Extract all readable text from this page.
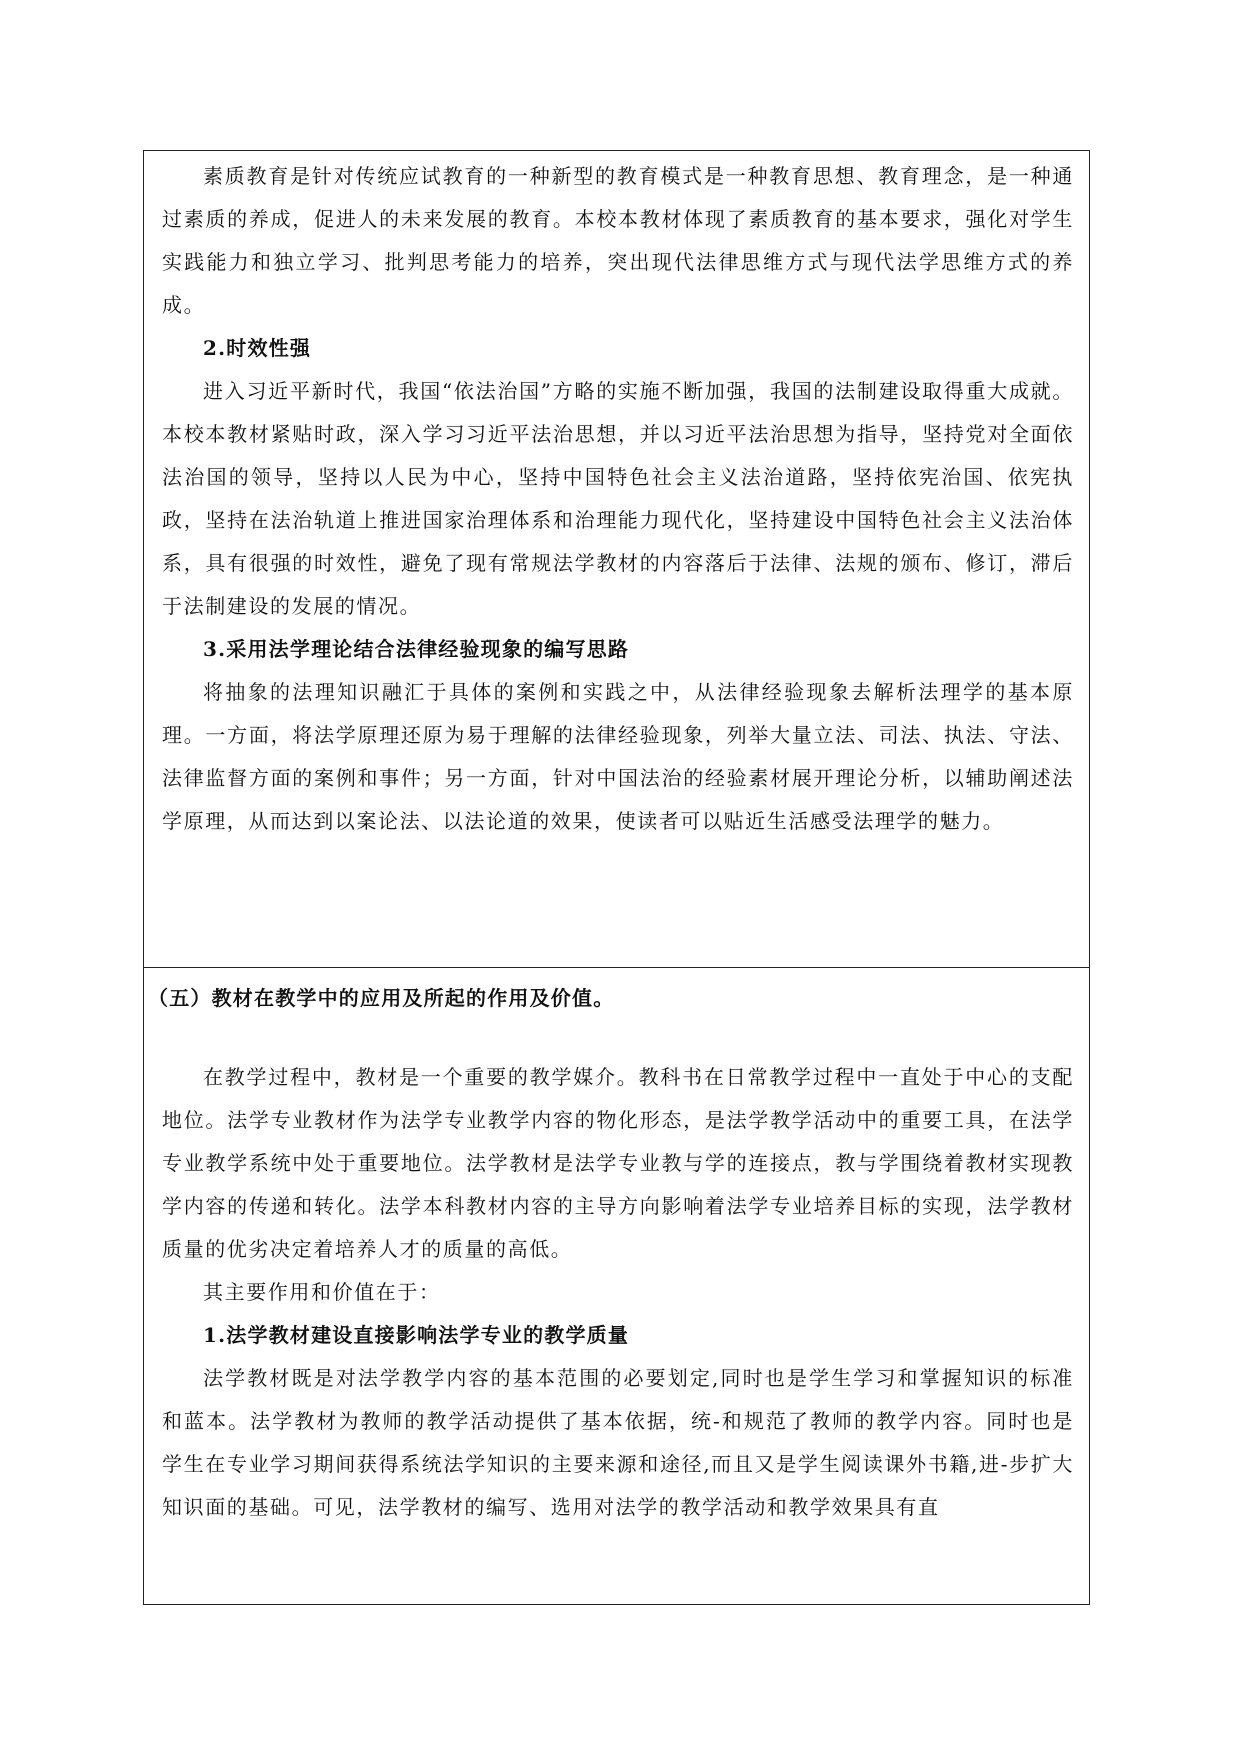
素质教育是针对传统应试教育的一种新型的教育模式是一种教育思想、教育理念，是一种通过素质的养成，促进人的未来发展的教育。本校本教材体现了素质教育的基本要求，强化对学生实践能力和独立学习、批判思考能力的培养，突出现代法律思维方式与现代法学思维方式的养成。

2.时效性强

进入习近平新时代，我国“依法治国”方略的实施不断加强，我国的法制建设取得重大成就。本校本教材紧贴时政，深入学习习近平法治思想，并以习近平法治思想为指导，坚持党对全面依法治国的领导，坚持以人民为中心，坚持中国特色社会主义法治道路，坚持依宪治国、依宪执政，坚持在法治轨道上推进国家治理体系和治理能力现代化，坚持建设中国特色社会主义法治体系，具有很强的时效性，避免了现有常规法学教材的内容落后于法律、法规的颁布、修订，滞后于法制建设的发展的情况。

3.采用法学理论结合法律经验现象的编写思路

将抽象的法理知识融汇于具体的案例和实践之中，从法律经验现象去解析法理学的基本原理。一方面，将法学原理还原为易于理解的法律经验现象，列举大量立法、司法、执法、守法、法律监督方面的案例和事件；另一方面，针对中国法治的经验素材展开理论分析，以辅助阐述法学原理，从而达到以案论法、以法论道的效果，使读者可以贴近生活感受法理学的魅力。

（五）教材在教学中的应用及所起的作用及价值。

在教学过程中，教材是一个重要的教学媒介。教科书在日常教学过程中一直处于中心的支配地位。法学专业教材作为法学专业教学内容的物化形态，是法学教学活动中的重要工具，在法学专业教学系统中处于重要地位。法学教材是法学专业教与学的连接点，教与学围绕着教材实现教学内容的传递和转化。法学本科教材内容的主导方向影响着法学专业培养目标的实现，法学教材质量的优劣决定着培养人才的质量的高低。

其主要作用和价值在于：

1.法学教材建设直接影响法学专业的教学质量

法学教材既是对法学教学内容的基本范围的必要划定,同时也是学生学习和掌握知识的标准和蓝本。法学教材为教师的教学活动提供了基本依据，统-和规范了教师的教学内容。同时也是学生在专业学习期间获得系统法学知识的主要来源和途径,而且又是学生阅读课外书籍,进-步扩大知识面的基础。可见，法学教材的编写、选用对法学的教学活动和教学效果具有直
